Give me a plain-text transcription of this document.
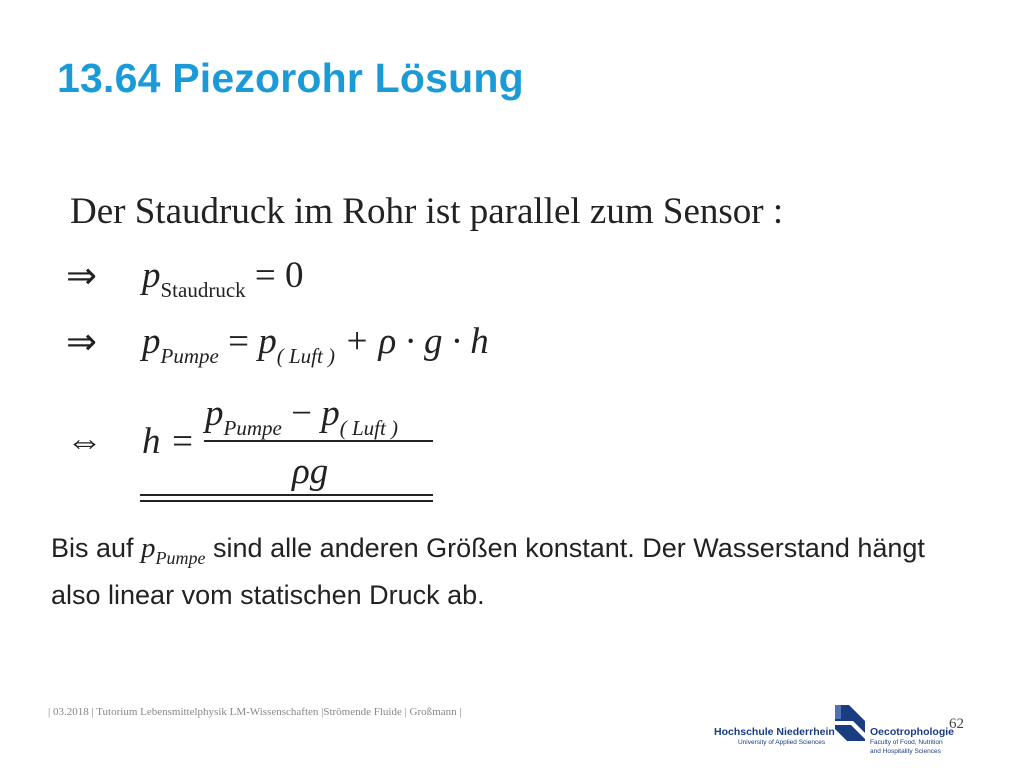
13.64 Piezorohr Lösung
Der Staudruck im Rohr ist parallel zum Sensor :
⇒ $p_{Staudruck} = 0$
⇒ $p_{Pumpe} = p_{( Luft )} + \rho \cdot g \cdot h$
⇔ h =
$p_{Pumpe} - p_{( Luft )}$
ρg
Bis auf $p_{Pumpe}$ sind alle anderen Größen konstant. Der Wasserstand hängt also linear vom statischen Druck ab.
| 03.2018 | Tutorium Lebensmittelphysik LM-Wissenschaften |Strömende Fluide | Großmann |
62
Hochschule Niederrhein
University of Applied Sciences
Oecotrophologie
Faculty of Food, Nutrition
and Hospitality Sciences
